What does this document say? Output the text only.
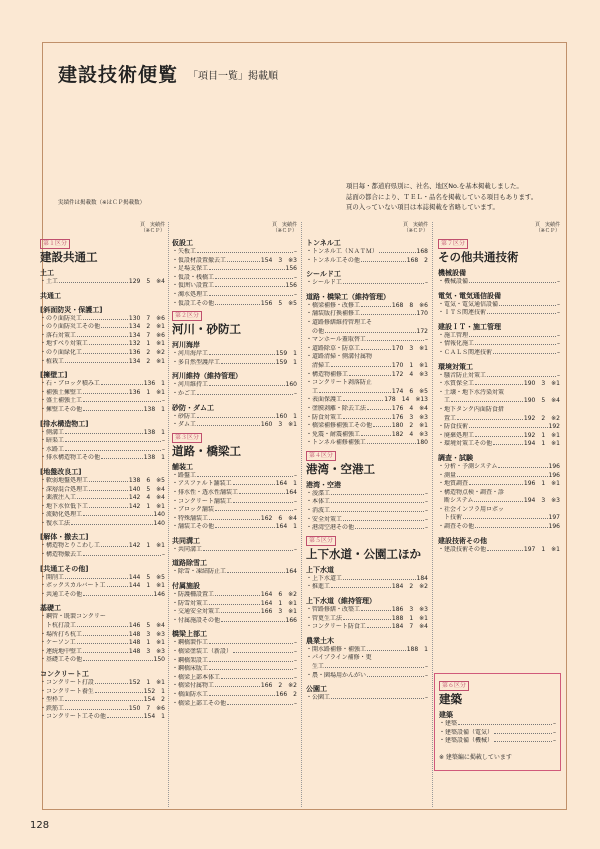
建設技術便覧 「項目一覧」掲載順
項目毎・都道府県別に、社名、地区No.を基本掲載しました。
誌面の都合により、ＴＥＬ・品名を掲載している項目もあります。
頁の入っていない項目は本誌掲載を省略しています。
実績件は掲載数（※はＣＰ掲載数）
頁　実績件
（※ＣＰ）
第１区分
建設共通工
土工
・土工	129　5　※4
共通工
[斜面防災・保護工]
・のり面防災工	130　7　※6
・のり面防災工その他	134　2　※1
・落石対策工	134　7　※6
・地すべり対策工	132　1　※1
・のり面緑化工	136　2　※2
・植栽工	134　2　※1
[擁壁工]
・石・ブロック積み工	136　1
・補強土擁壁工	136　1　※1
・盛土補強土工	–
・擁壁工その他	138　1
[排水構造物工]
・側溝工	138　1
・暗渠工	–
・水路工	–
・排水構造物工その他	138　1
[地盤改良工]
・軟弱地盤処理工	138　6　※5
・深層混合処理工	140　5　※4
・薬液注入工	142　4　※4
・地下水位低下工	142　1　※1
・流動化処理工	140
・復水工法	140
[解体・撤去工]
・構造物とりこわし工	142　1　※1
・構造物撤去工	–
[共通工その他]
・開削工	144　5　※5
・ボックスカルバート工	144　1　※1
・共通工その他	146
基礎工
・鋼管・既製コンクリー
　ト杭打設工	146　5　※4
・場所打ち杭工	148　3　※3
・ケーソン工	148　1　※1
・連続地中壁工	148　3　※3
・基礎工その他	150
コンクリート工
・コンクリート打設	152　1　※1
・コンクリート養生	152　1
・型枠工	154　2
・鉄筋工	150　7　※6
・コンクリート工その他	154　1
頁　実績件
（※ＣＰ）
仮設工
・矢板工	–
・仮設材設置撤去工	154　3　※3
・足場支保工	156
・仮設・桟橋工	–
・仮囲い設置工	156
・濁水処理工	–
・仮設工その他	156　5　※5
第２区分
河川・砂防工
河川海岸
・河川海岸工	159　1
・多自然型護岸工	159　1
河川維持（維持管理）
・河川維持工	160
・かご工	–
砂防・ダム工
・砂防工	160　1
・ダム工	160　3　※1
第３区分
道路・橋梁工
舗装工
・路盤工	–
・アスファルト舗装工	164　1
・排水性・透水性舗装工	164
・コンクリート舗装工	–
・ブロック舗装	–
・特殊舗装工	162　6　※4
・舗装工その他	164　1
共同溝工
・共同溝工	–
道路除雪工
・除雪・凍結防止工	164
付属施設
・防護柵設置工	164　6　※2
・防雪対策工	164　1　※1
・交通安全対策工	166　3　※1
・付属施設その他	166
橋梁上部工
・鋼橋製作工	–
・橋梁塗装工（新設）	–
・鋼橋架設工	–
・鋼橋床版工	–
・橋梁上部本体工	–
・橋梁付属物工	166　2　※2
・橋面防水工	166　2
・橋梁上部工その他	–
頁　実績件
（※ＣＰ）
トンネル工
・トンネル工（ＮＡＴＭ）	168
・トンネル工その他	168　2
シールド工
・シールド工	–
道路・橋梁工（維持管理）
・橋梁補修・改修工	168　8　※6
・舗装版打換補修工	170
・道路修繕維持管理工そ
　の他	172
・マンホール蓋取替工	–
・道路除草・防草工	170　3　※1
・道路清掃・側溝付属物
　清掃工	170　1　※1
・構造物補修工	172　4　※3
・コンクリート剥落防止
　工	174　6　※5
・表面保護工	178　14　※13
・塗膜剥離・除去工法	176　4　※4
・防食対策工	176　3　※3
・橋梁補修補強工その他	180　2　※1
・免震・耐震補強工	182　4　※3
・トンネル補修補強工	180
第４区分
港湾・空港工
港湾・空港
・浚渫工	–
・本体工	–
・消波工	–
・安全対策工	–
・港湾空港その他	–
第５区分
上下水道・公園工ほか
上下水道
・上下水道工	184
・推進工	184　2　※2
上下水道（維持管理）
・管路修繕・改築工	186　3　※3
・管更生工法	188　1　※1
・コンクリート防食工	184　7　※4
農業土木
・開水路補修・補強工	188　1
・パイプライン補修・更
　生工	–
・農・園場用かんがい	–
公園工
・公園工	–
頁　実績件
（※ＣＰ）
第７区分
その他共通技術
機械設備
・機械設備	–
電気・電気通信設備
・電気・電気通信設備	–
・ＩＴＳ関連技術	–
建設ＩＴ・施工管理
・施工管理	–
・情報化施工	–
・ＣＡＬＳ関連技術	–
環境対策工
・騒音防止対策工	–
・水質保全工	190　3　※1
・土壌・地下水汚染対策
　工	190　5　※4
・地下タンク内面防食措
　置工	192　2　※2
・防食技術	192
・廃棄処理工	192　1　※1
・環境対策工その他	194　1　※1
調査・試験
・分析・予測システム	196
・測量	196
・地質調査	196　1　※1
・構造物点検・調査・診
　断システム	194　3　※3
・社会インフラ用ロボッ
　ト技術	197
・調査その他	196
建設技術その他
・建設技術その他	197　1　※1
第６区分
建築
建築
・建築	–
・建築設備（電気）	–
・建築設備（機械）	–
※ 建築編に掲載しています
128
